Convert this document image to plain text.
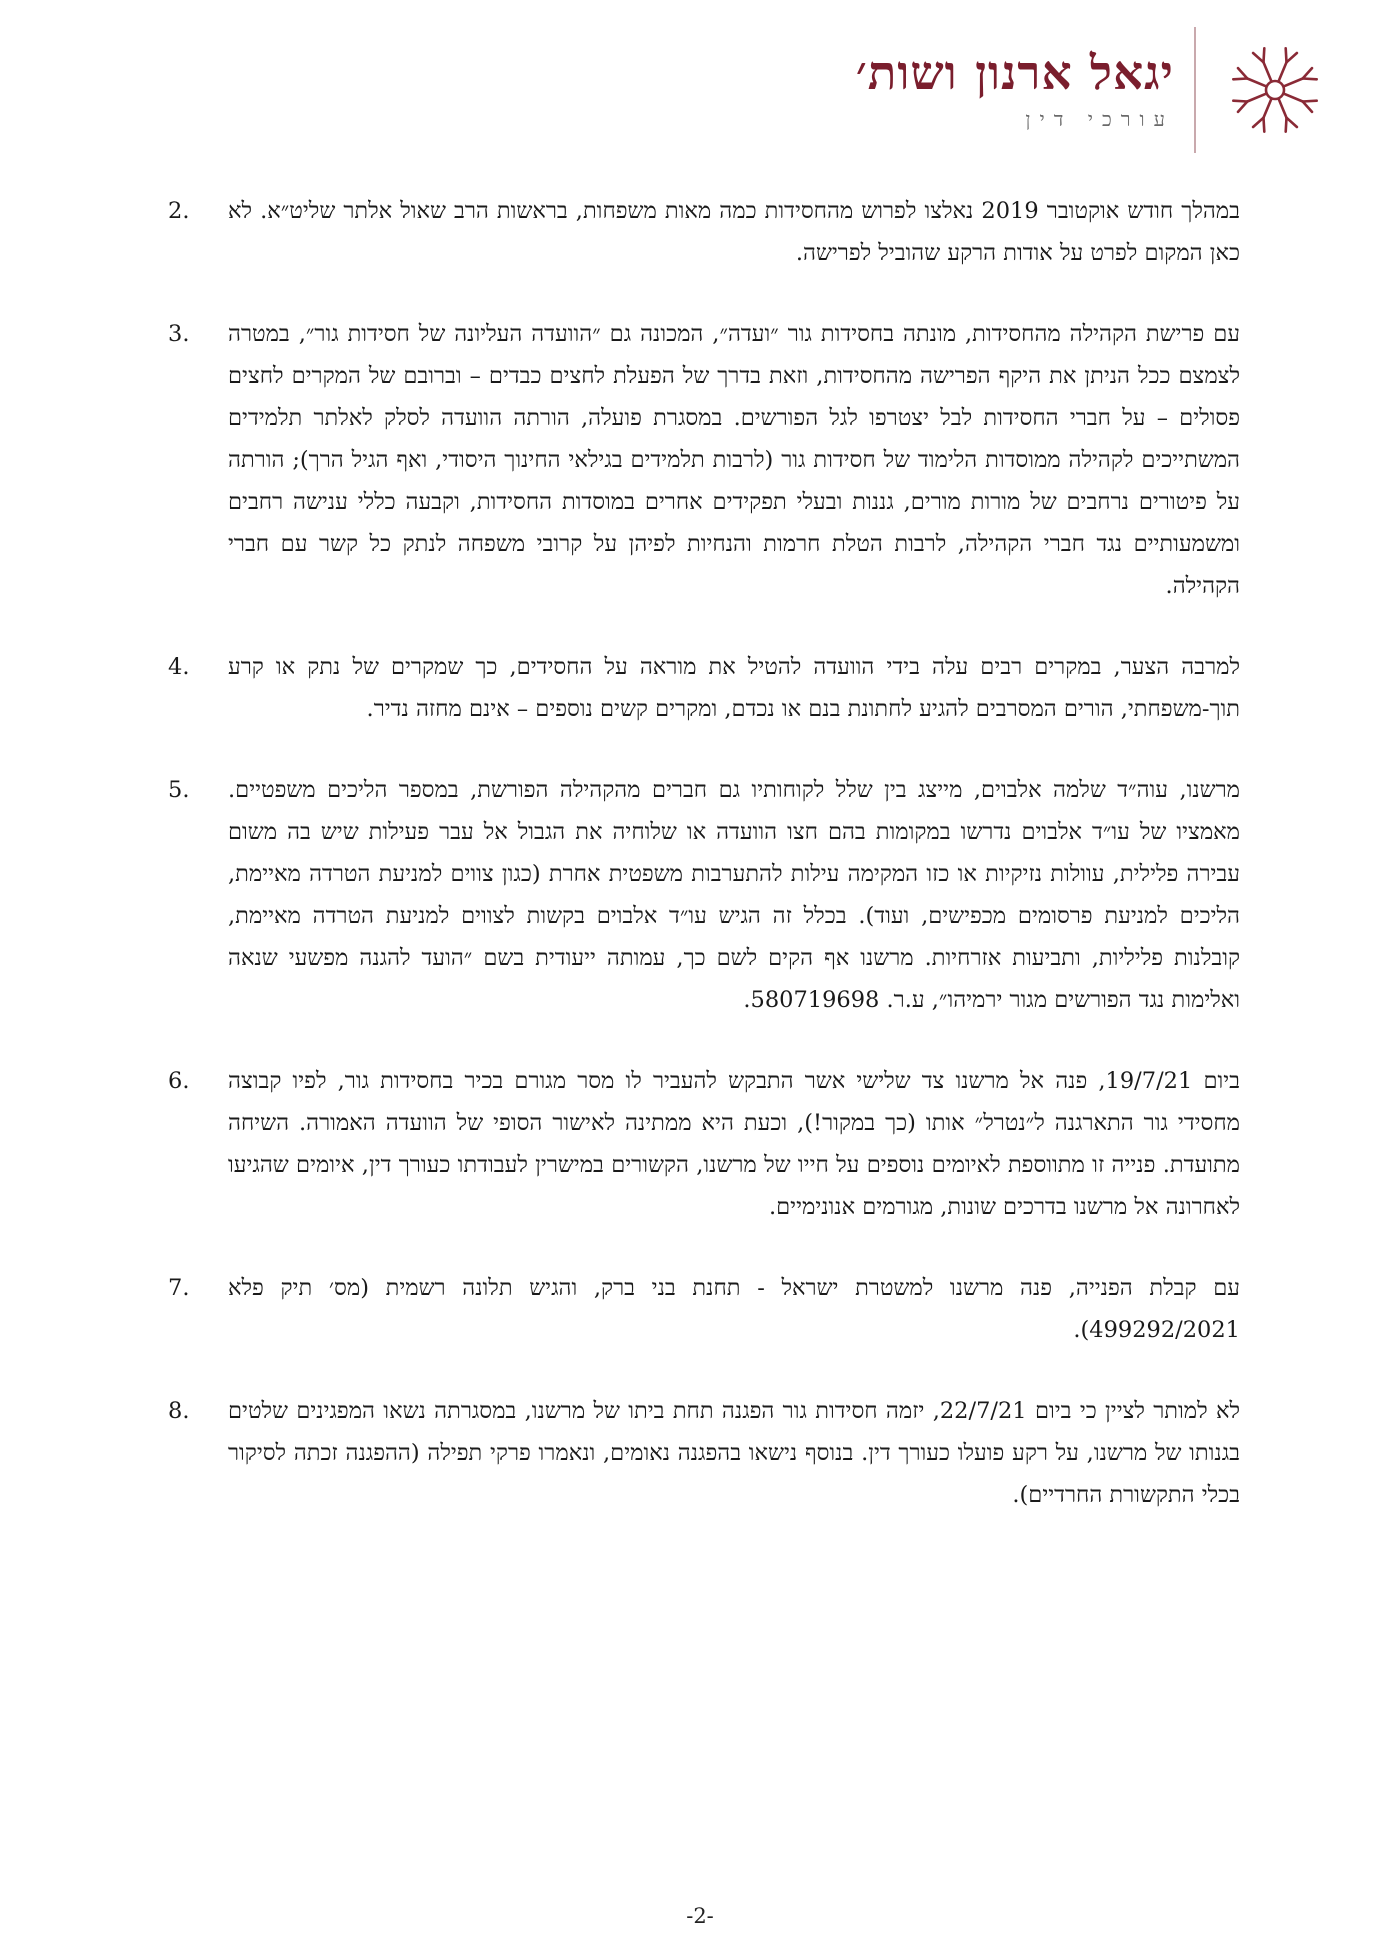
יגאל ארנון ושות׳
עורכי דין
במהלך חודש אוקטובר 2019 נאלצו לפרוש מהחסידות כמה מאות משפחות, בראשות הרב שאול אלתר שליט״א. לא כאן המקום לפרט על אודות הרקע שהוביל לפרישה.
2.
עם פרישת הקהילה מהחסידות, מונתה בחסידות גור ״ועדה״, המכונה גם ״הוועדה העליונה של חסידות גור״, במטרה לצמצם ככל הניתן את היקף הפרישה מהחסידות, וזאת בדרך של הפעלת לחצים כבדים – וברובם של המקרים לחצים פסולים – על חברי החסידות לבל יצטרפו לגל הפורשים. במסגרת פועלה, הורתה הוועדה לסלק לאלתר תלמידים המשתייכים לקהילה ממוסדות הלימוד של חסידות גור (לרבות תלמידים בגילאי החינוך היסודי, ואף הגיל הרך); הורתה על פיטורים נרחבים של מורות מורים, גננות ובעלי תפקידים אחרים במוסדות החסידות, וקבעה כללי ענישה רחבים ומשמעותיים נגד חברי הקהילה, לרבות הטלת חרמות והנחיות לפיהן על קרובי משפחה לנתק כל קשר עם חברי הקהילה.
3.
למרבה הצער, במקרים רבים עלה בידי הוועדה להטיל את מוראה על החסידים, כך שמקרים של נתק או קרע תוך-משפחתי, הורים המסרבים להגיע לחתונת בנם או נכדם, ומקרים קשים נוספים – אינם מחזה נדיר.
4.
מרשנו, עוה״ד שלמה אלבוים, מייצג בין שלל לקוחותיו גם חברים מהקהילה הפורשת, במספר הליכים משפטיים. מאמציו של עו״ד אלבוים נדרשו במקומות בהם חצו הוועדה או שלוחיה את הגבול אל עבר פעילות שיש בה משום עבירה פלילית, עוולות נזיקיות או כזו המקימה עילות להתערבות משפטית אחרת (כגון צווים למניעת הטרדה מאיימת, הליכים למניעת פרסומים מכפישים, ועוד). בכלל זה הגיש עו״ד אלבוים בקשות לצווים למניעת הטרדה מאיימת, קובלנות פליליות, ותביעות אזרחיות. מרשנו אף הקים לשם כך, עמותה ייעודית בשם ״הועד להגנה מפשעי שנאה ואלימות נגד הפורשים מגור ירמיהו״, ע.ר. 580719698.
5.
ביום 19/7/21, פנה אל מרשנו צד שלישי אשר התבקש להעביר לו מסר מגורם בכיר בחסידות גור, לפיו קבוצה מחסידי גור התארגנה ל״נטרל״ אותו (כך במקור!), וכעת היא ממתינה לאישור הסופי של הוועדה האמורה. השיחה מתועדת. פנייה זו מתווספת לאיומים נוספים על חייו של מרשנו, הקשורים במישרין לעבודתו כעורך דין, איומים שהגיעו לאחרונה אל מרשנו בדרכים שונות, מגורמים אנונימיים.
6.
עם קבלת הפנייה, פנה מרשנו למשטרת ישראל - תחנת בני ברק, והגיש תלונה רשמית (מס׳ תיק פלא 499292/2021).
7.
לא למותר לציין כי ביום 22/7/21, יזמה חסידות גור הפגנה תחת ביתו של מרשנו, במסגרתה נשאו המפגינים שלטים בגנותו של מרשנו, על רקע פועלו כעורך דין. בנוסף נישאו בהפגנה נאומים, ונאמרו פרקי תפילה (ההפגנה זכתה לסיקור בכלי התקשורת החרדיים).
8.
-2-
